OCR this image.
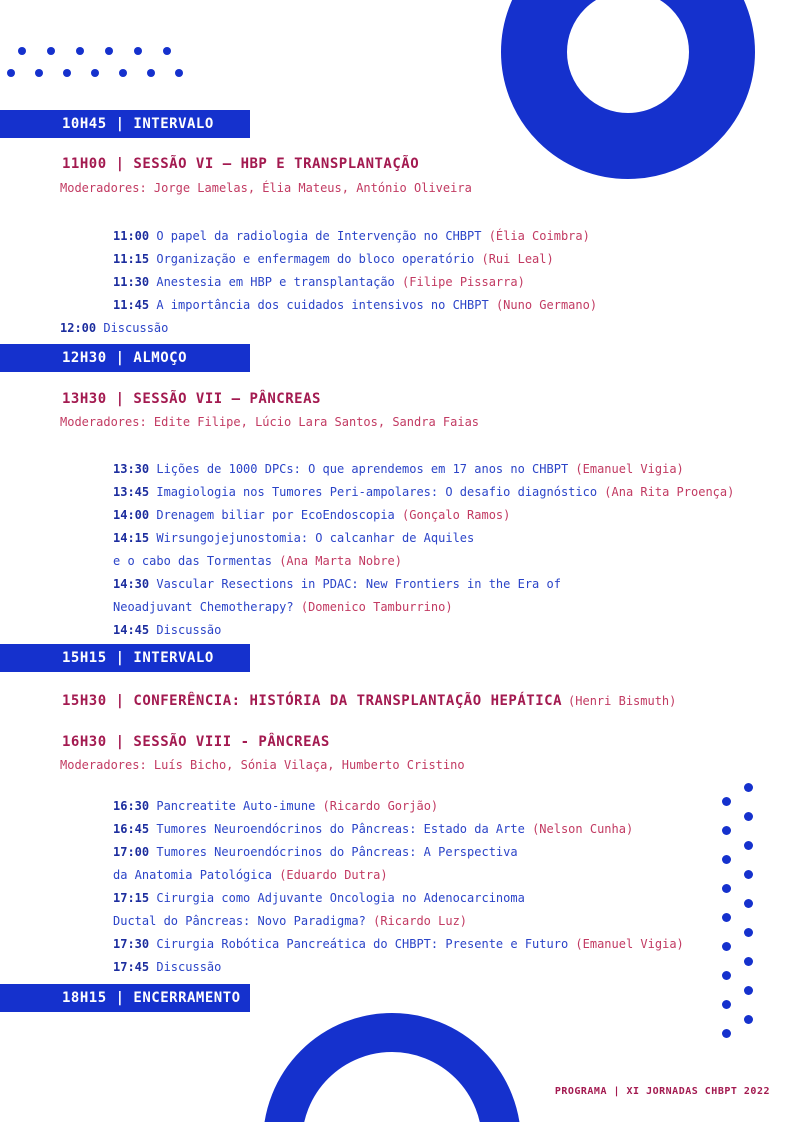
10H45 | INTERVALO
12H30 | ALMOÇO
15H15 | INTERVALO
18H15 | ENCERRAMENTO
11H00 | SESSÃO VI – HBP E TRANSPLANTAÇÃO
Moderadores: Jorge Lamelas, Élia Mateus, António Oliveira
11:00 O papel da radiologia de Intervenção no CHBPT (Élia Coimbra)
11:15 Organização e enfermagem do bloco operatório (Rui Leal)
11:30 Anestesia em HBP e transplantação (Filipe Pissarra)
11:45 A importância dos cuidados intensivos no CHBPT (Nuno Germano)
12:00 Discussão
13H30 | SESSÃO VII – PÂNCREAS
Moderadores: Edite Filipe, Lúcio Lara Santos, Sandra Faias
13:30 Lições de 1000 DPCs: O que aprendemos em 17 anos no CHBPT (Emanuel Vigia)
13:45 Imagiologia nos Tumores Peri-ampolares: O desafio diagnóstico (Ana Rita Proença)
14:00 Drenagem biliar por EcoEndoscopia (Gonçalo Ramos)
14:15 Wirsungojejunostomia: O calcanhar de Aquiles
e o cabo das Tormentas (Ana Marta Nobre)
14:30 Vascular Resections in PDAC: New Frontiers in the Era of
Neoadjuvant Chemotherapy? (Domenico Tamburrino)
14:45 Discussão
15H30 | CONFERÊNCIA: HISTÓRIA DA TRANSPLANTAÇÃO HEPÁTICA (Henri Bismuth)
16H30 | SESSÃO VIII - PÂNCREAS
Moderadores: Luís Bicho, Sónia Vilaça, Humberto Cristino
16:30 Pancreatite Auto-imune (Ricardo Gorjão)
16:45 Tumores Neuroendócrinos do Pâncreas: Estado da Arte (Nelson Cunha)
17:00 Tumores Neuroendócrinos do Pâncreas: A Perspectiva
da Anatomia Patológica (Eduardo Dutra)
17:15 Cirurgia como Adjuvante Oncologia no Adenocarcinoma
Ductal do Pâncreas: Novo Paradigma? (Ricardo Luz)
17:30 Cirurgia Robótica Pancreática do CHBPT: Presente e Futuro (Emanuel Vigia)
17:45 Discussão
PROGRAMA | XI JORNADAS CHBPT 2022
